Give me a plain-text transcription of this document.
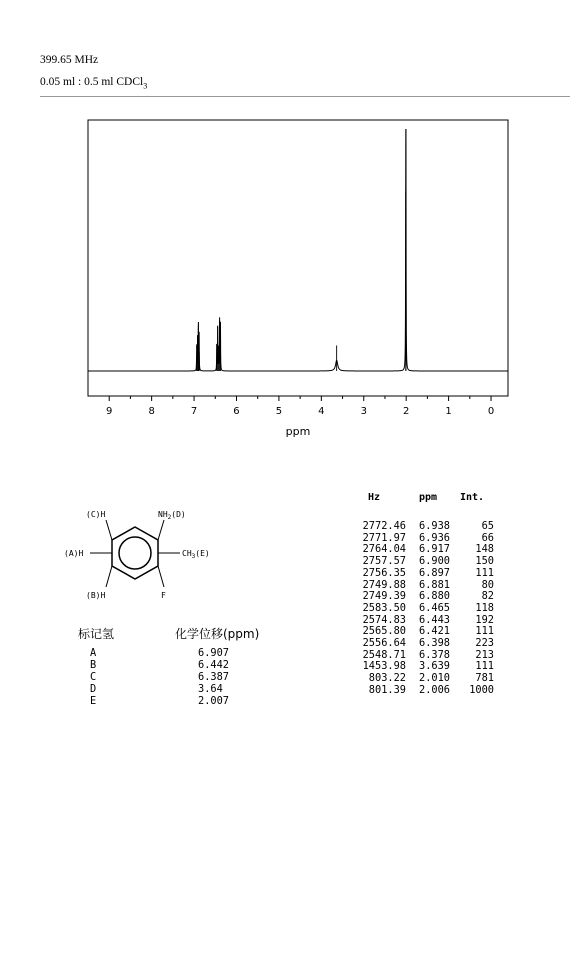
399.65 MHz
0.05 ml : 0.5 ml CDCl$_3$
9	8	7	6	5	4	3	2	1	0
ppm
Hz	ppm	Int.
2772.46	6.938	65
2771.97	6.936	66
2764.04	6.917	148
2757.57	6.900	150
2756.35	6.897	111
2749.88	6.881	80
2749.39	6.880	82
2583.50	6.465	118
2574.83	6.443	192
2565.80	6.421	111
2556.64	6.398	223
2548.71	6.378	213
1453.98	3.639	111
803.22	2.010	781
801.39	2.006	1000
(C)H	$NH_2(D)$
(A)H	$CH_3(E)$
(B)H	F
标记氢	化学位移(ppm)
A	6.907
B	6.442
C	6.387
D	3.64
E	2.007
